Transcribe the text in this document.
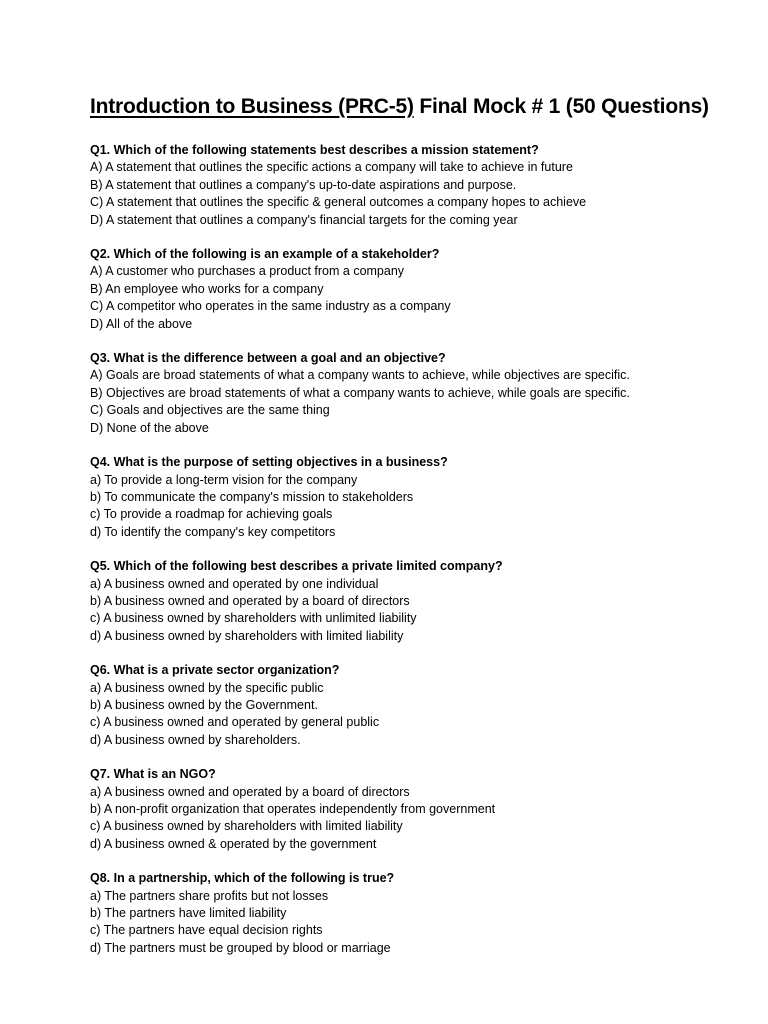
Introduction to Business (PRC-5) Final Mock # 1 (50 Questions)
Q1. Which of the following statements best describes a mission statement?
A) A statement that outlines the specific actions a company will take to achieve in future
B) A statement that outlines a company's up-to-date aspirations and purpose.
C) A statement that outlines the specific & general outcomes a company hopes to achieve
D) A statement that outlines a company's financial targets for the coming year
Q2. Which of the following is an example of a stakeholder?
A) A customer who purchases a product from a company
B) An employee who works for a company
C) A competitor who operates in the same industry as a company
D) All of the above
Q3. What is the difference between a goal and an objective?
A) Goals are broad statements of what a company wants to achieve, while objectives are specific.
B) Objectives are broad statements of what a company wants to achieve, while goals are specific.
C) Goals and objectives are the same thing
D) None of the above
Q4. What is the purpose of setting objectives in a business?
a) To provide a long-term vision for the company
b) To communicate the company's mission to stakeholders
c) To provide a roadmap for achieving goals
d) To identify the company's key competitors
Q5. Which of the following best describes a private limited company?
a) A business owned and operated by one individual
b) A business owned and operated by a board of directors
c) A business owned by shareholders with unlimited liability
d) A business owned by shareholders with limited liability
Q6. What is a private sector organization?
a) A business owned by the specific public
b) A business owned by the Government.
c) A business owned and operated by general public
d) A business owned by shareholders.
Q7. What is an NGO?
a) A business owned and operated by a board of directors
b) A non-profit organization that operates independently from government
c) A business owned by shareholders with limited liability
d) A business owned & operated by the government
Q8. In a partnership, which of the following is true?
a) The partners share profits but not losses
b) The partners have limited liability
c) The partners have equal decision rights
d) The partners must be grouped by blood or marriage
